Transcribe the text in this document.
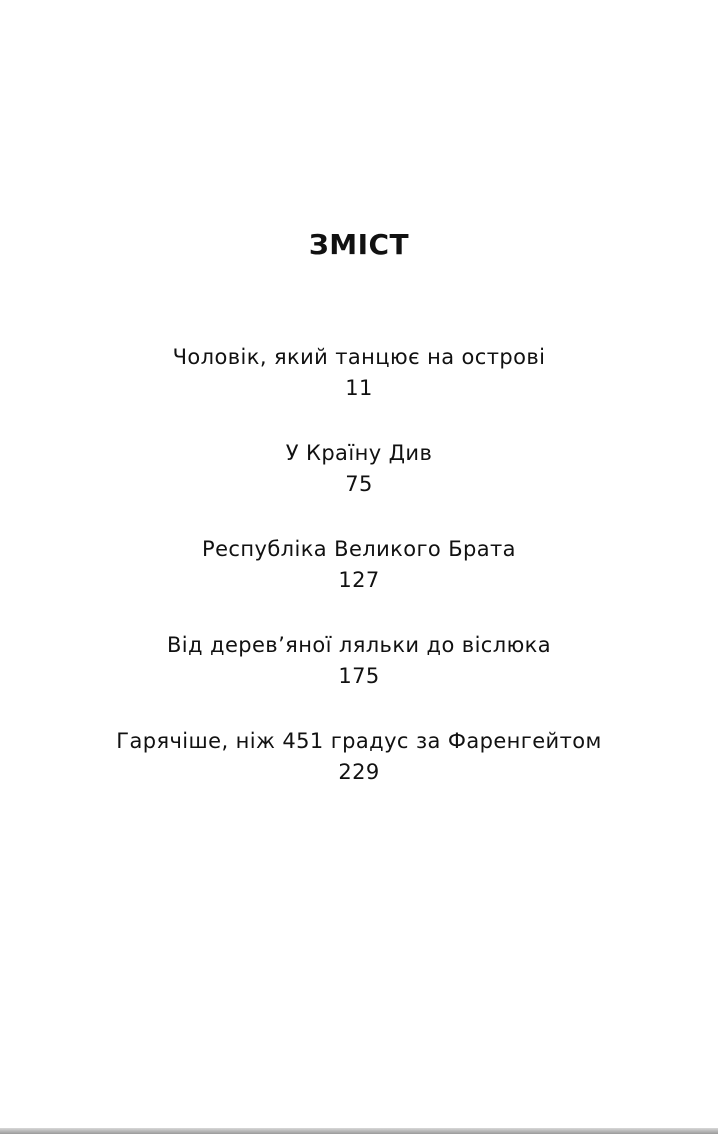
ЗМІСТ
Чоловік, який танцює на острові
11
У Країну Див
75
Республіка Великого Брата
127
Від дерев’яної ляльки до віслюка
175
Гарячіше, ніж 451 градус за Фаренгейтом
229
